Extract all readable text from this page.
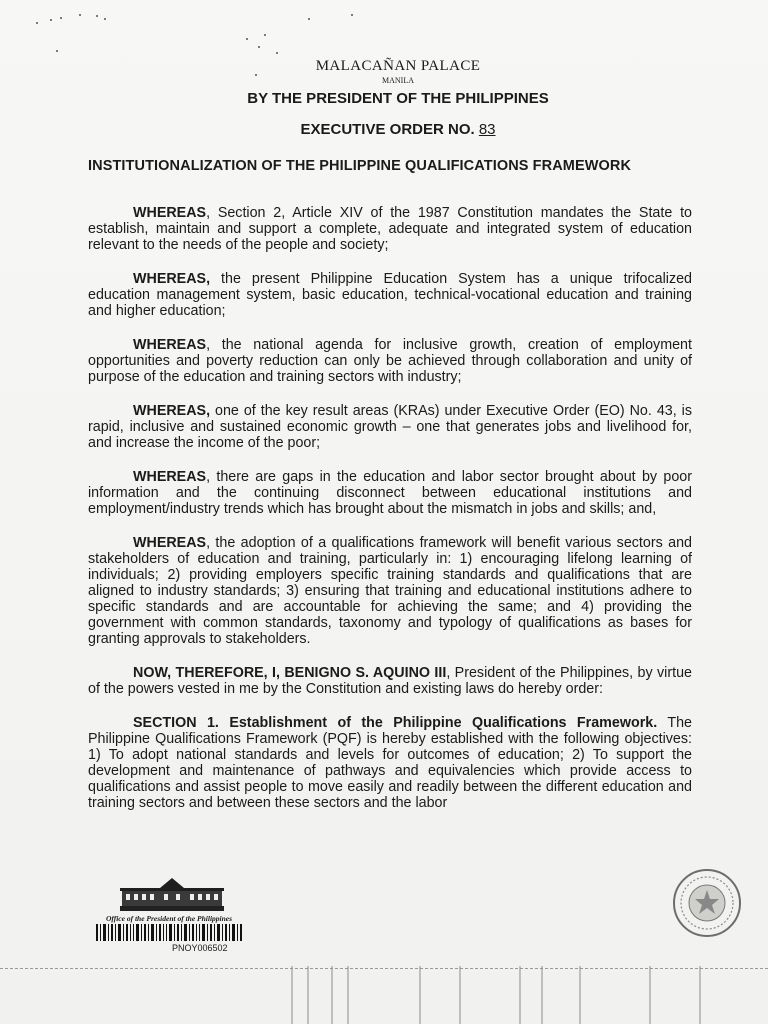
MALACAÑAN PALACE
MANILA
BY THE PRESIDENT OF THE PHILIPPINES
EXECUTIVE ORDER NO. 83
INSTITUTIONALIZATION OF THE PHILIPPINE QUALIFICATIONS FRAMEWORK
WHEREAS, Section 2, Article XIV of the 1987 Constitution mandates the State to establish, maintain and support a complete, adequate and integrated system of education relevant to the needs of the people and society;
WHEREAS, the present Philippine Education System has a unique trifocalized education management system, basic education, technical-vocational education and training and higher education;
WHEREAS, the national agenda for inclusive growth, creation of employment opportunities and poverty reduction can only be achieved through collaboration and unity of purpose of the education and training sectors with industry;
WHEREAS, one of the key result areas (KRAs) under Executive Order (EO) No. 43, is rapid, inclusive and sustained economic growth – one that generates jobs and livelihood for, and increase the income of the poor;
WHEREAS, there are gaps in the education and labor sector brought about by poor information and the continuing disconnect between educational institutions and employment/industry trends which has brought about the mismatch in jobs and skills; and,
WHEREAS, the adoption of a qualifications framework will benefit various sectors and stakeholders of education and training, particularly in: 1) encouraging lifelong learning of individuals; 2) providing employers specific training standards and qualifications that are aligned to industry standards; 3) ensuring that training and educational institutions adhere to specific standards and are accountable for achieving the same; and 4) providing the government with common standards, taxonomy and typology of qualifications as bases for granting approvals to stakeholders.
NOW, THEREFORE, I, BENIGNO S. AQUINO III, President of the Philippines, by virtue of the powers vested in me by the Constitution and existing laws do hereby order:
SECTION 1. Establishment of the Philippine Qualifications Framework. The Philippine Qualifications Framework (PQF) is hereby established with the following objectives: 1) To adopt national standards and levels for outcomes of education; 2) To support the development and maintenance of pathways and equivalencies which provide access to qualifications and assist people to move easily and readily between the different education and training sectors and between these sectors and the labor
Office of the President of the Philippines
PNOY006502
